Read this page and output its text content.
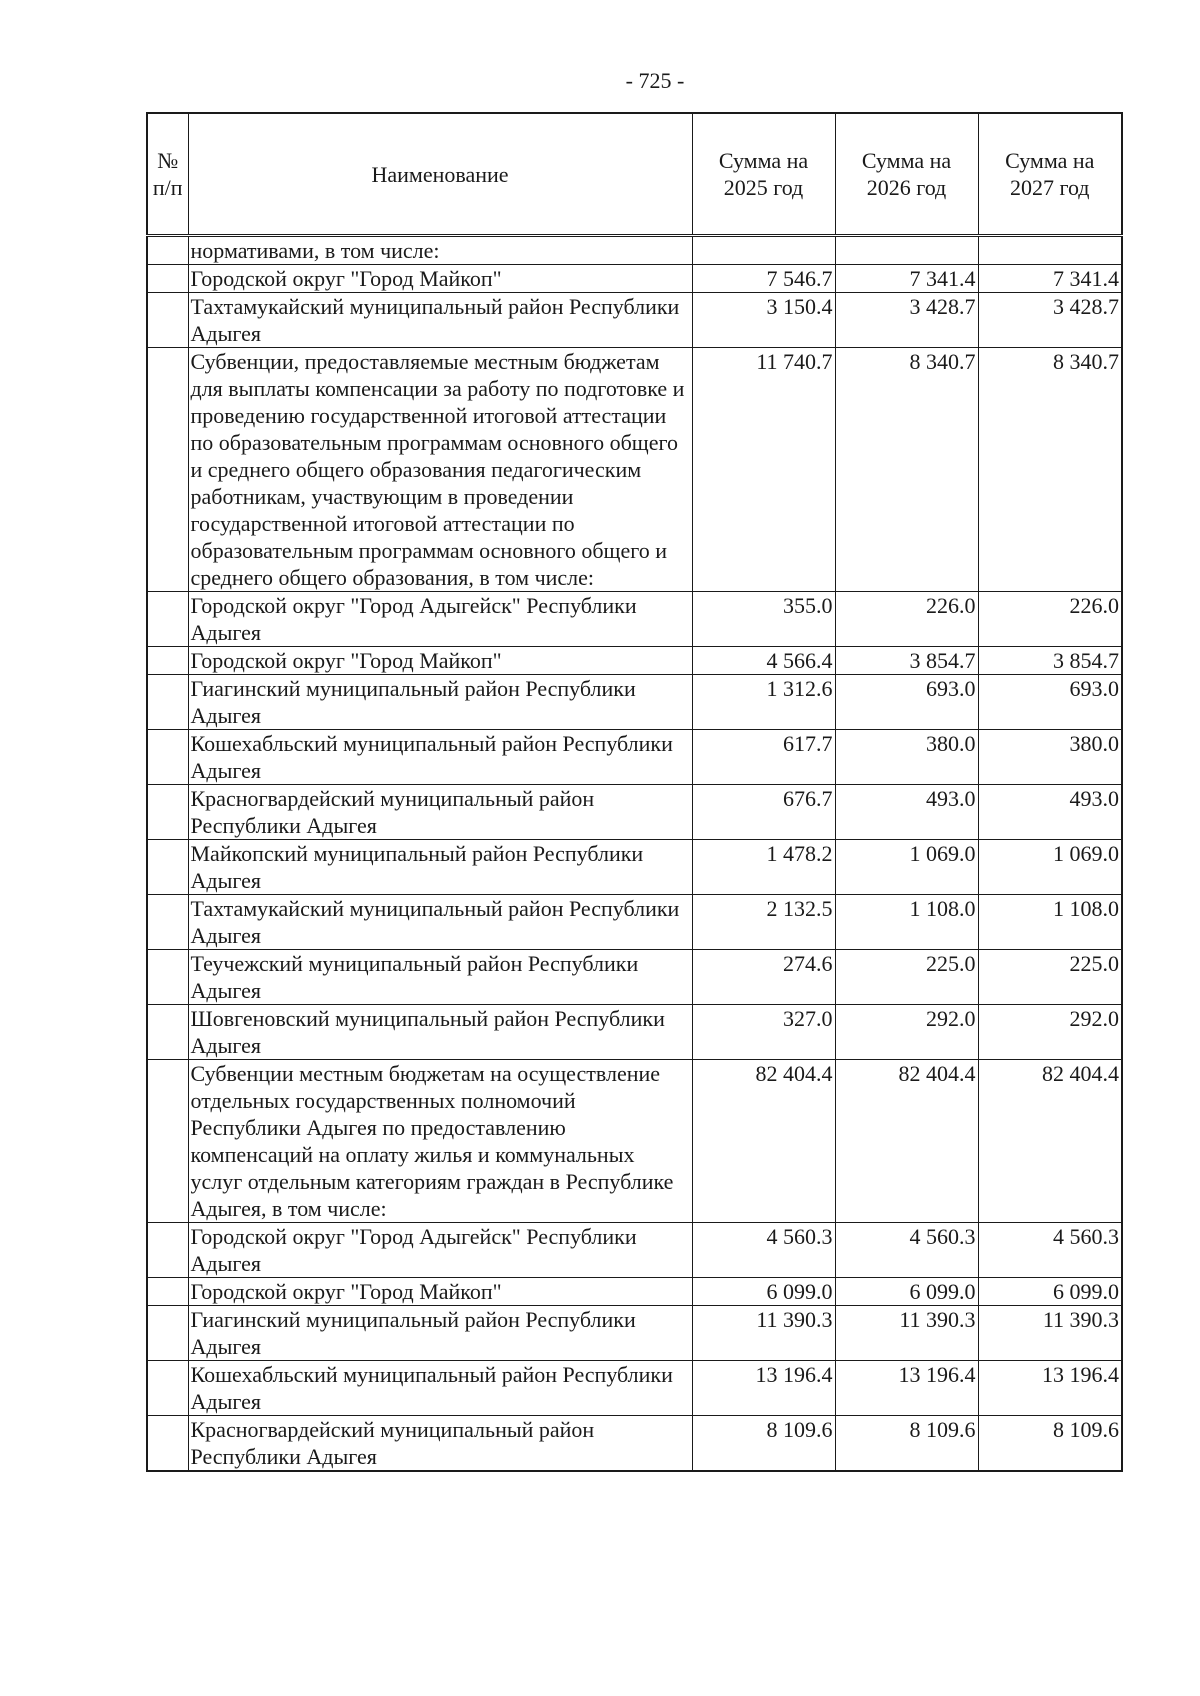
- 725 -
№ п/п	Наименование	Сумма на 2025 год	Сумма на 2026 год	Сумма на 2027 год
	нормативами, в том числе:			
	Городской округ "Город Майкоп"	7 546.7	7 341.4	7 341.4
	Тахтамукайский муниципальный район Республики Адыгея	3 150.4	3 428.7	3 428.7
	Субвенции, предоставляемые местным бюджетам для выплаты компенсации за работу по подготовке и проведению государственной итоговой аттестации по образовательным программам основного общего и среднего общего образования педагогическим работникам, участвующим в проведении государственной итоговой аттестации по образовательным программам основного общего и среднего общего образования, в том числе:	11 740.7	8 340.7	8 340.7
	Городской округ "Город Адыгейск" Республики Адыгея	355.0	226.0	226.0
	Городской округ "Город Майкоп"	4 566.4	3 854.7	3 854.7
	Гиагинский муниципальный район Республики Адыгея	1 312.6	693.0	693.0
	Кошехабльский муниципальный район Республики Адыгея	617.7	380.0	380.0
	Красногвардейский муниципальный район Республики Адыгея	676.7	493.0	493.0
	Майкопский муниципальный район Республики Адыгея	1 478.2	1 069.0	1 069.0
	Тахтамукайский муниципальный район Республики Адыгея	2 132.5	1 108.0	1 108.0
	Теучежский муниципальный район Республики Адыгея	274.6	225.0	225.0
	Шовгеновский муниципальный район Республики Адыгея	327.0	292.0	292.0
	Субвенции местным бюджетам на осуществление отдельных государственных полномочий Республики Адыгея по предоставлению компенсаций на оплату жилья и коммунальных услуг отдельным категориям граждан в Республике Адыгея, в том числе:	82 404.4	82 404.4	82 404.4
	Городской округ "Город Адыгейск" Республики Адыгея	4 560.3	4 560.3	4 560.3
	Городской округ "Город Майкоп"	6 099.0	6 099.0	6 099.0
	Гиагинский муниципальный район Республики Адыгея	11 390.3	11 390.3	11 390.3
	Кошехабльский муниципальный район Республики Адыгея	13 196.4	13 196.4	13 196.4
	Красногвардейский муниципальный район Республики Адыгея	8 109.6	8 109.6	8 109.6
